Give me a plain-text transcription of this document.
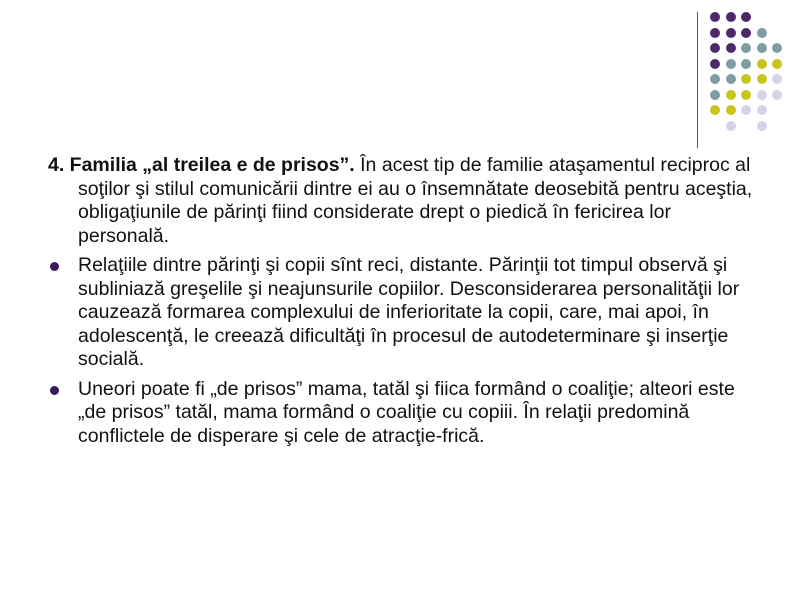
4. Familia „al treilea e de prisos”. În acest tip de familie ataşamentul reciproc al soţilor şi stilul comunicării dintre ei au o însemnătate deosebită pentru aceştia, obligaţiunile de părinţi fiind considerate drept o piedică în fericirea lor personală.

Relaţiile dintre părinţi şi copii sînt reci, distante. Părinţii tot timpul observă şi subliniază greşelile şi neajunsurile copiilor. Desconsiderarea personalităţii lor cauzează formarea complexului de inferioritate la copii, care, mai apoi, în adolescenţă, le creează dificultăţi în procesul de autodeterminare şi inserţie socială.
Uneori poate fi „de prisos” mama, tatăl şi fiica formând o coaliţie; alteori este „de prisos” tatăl, mama formând o coaliţie cu copiii. În relaţii predomină conflictele de disperare şi cele de atracţie-frică.
